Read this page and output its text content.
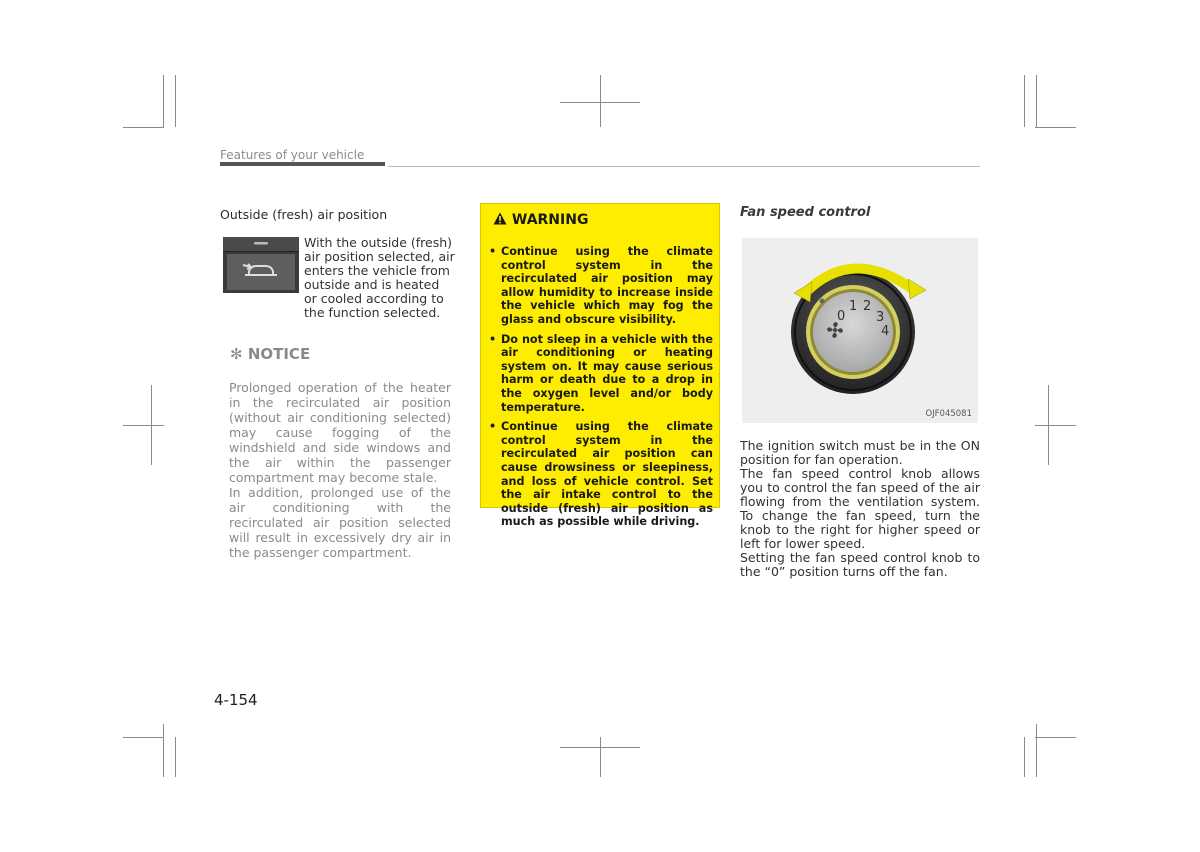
Features of your vehicle

Outside (fresh) air position

With the outside (fresh) air position selected, air enters the vehicle from outside and is heated or cooled according to the function selected.
✻ NOTICE

Prolonged operation of the heater in the recirculated air position (without air conditioning selected) may cause fogging of the windshield and side windows and the air within the passenger compartment may become stale.

In addition, prolonged use of the air conditioning with the recirculated air position selected will result in excessively dry air in the passenger compartment.

WARNING
• Continue using the climate control system in the recirculated air position may allow humidity to increase inside the vehicle which may fog the glass and obscure visibility.
• Do not sleep in a vehicle with the air conditioning or heating system on. It may cause serious harm or death due to a drop in the oxygen level and/or body temperature.
• Continue using the climate control system in the recirculated air position can cause drowsiness or sleepiness, and loss of vehicle control. Set the air intake control to the outside (fresh) air position as much as possible while driving.
Fan speed control
0
1 2
3
4
OJF045081

The ignition switch must be in the ON position for fan operation.

The fan speed control knob allows you to control the fan speed of the air flowing from the ventilation system. To change the fan speed, turn the knob to the right for higher speed or left for lower speed.

Setting the fan speed control knob to the “0” position turns off the fan.

4-154
